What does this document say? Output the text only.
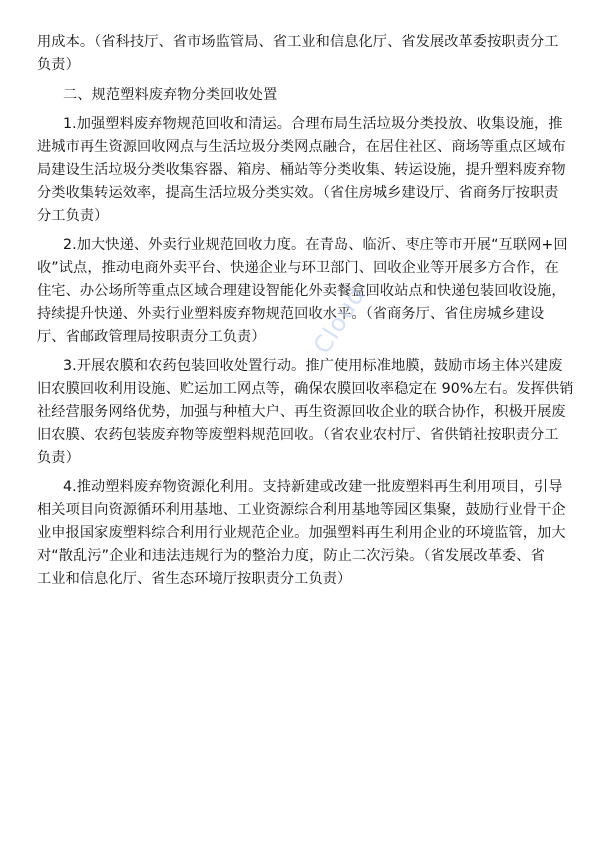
用成本。（省科技厅、省市场监管局、省工业和信息化厅、省发展改革委按职责分工
负责）

二、规范塑料废弃物分类回收处置

1.加强塑料废弃物规范回收和清运。合理布局生活垃圾分类投放、收集设施，推
进城市再生资源回收网点与生活垃圾分类网点融合，在居住社区、商场等重点区域布
局建设生活垃圾分类收集容器、箱房、桶站等分类收集、转运设施，提升塑料废弃物
分类收集转运效率，提高生活垃圾分类实效。（省住房城乡建设厅、省商务厅按职责
分工负责）

2.加大快递、外卖行业规范回收力度。在青岛、临沂、枣庄等市开展“互联网+回
收”试点，推动电商外卖平台、快递企业与环卫部门、回收企业等开展多方合作，在
住宅、办公场所等重点区域合理建设智能化外卖餐盒回收站点和快递包装回收设施，
持续提升快递、外卖行业塑料废弃物规范回收水平。（省商务厅、省住房城乡建设
厅、省邮政管理局按职责分工负责）

3.开展农膜和农药包装回收处置行动。推广使用标准地膜，鼓励市场主体兴建废
旧农膜回收利用设施、贮运加工网点等，确保农膜回收率稳定在 90%左右。发挥供销
社经营服务网络优势，加强与种植大户、再生资源回收企业的联合协作，积极开展废
旧农膜、农药包装废弃物等废塑料规范回收。（省农业农村厅、省供销社按职责分工
负责）

4.推动塑料废弃物资源化利用。支持新建或改建一批废塑料再生利用项目，引导
相关项目向资源循环利用基地、工业资源综合利用基地等园区集聚，鼓励行业骨干企
业申报国家废塑料综合利用行业规范企业。加强塑料再生利用企业的环境监管，加大
对“散乱污”企业和违法违规行为的整治力度，防止二次污染。（省发展改革委、省
工业和信息化厅、省生态环境厅按职责分工负责）

Cloud
